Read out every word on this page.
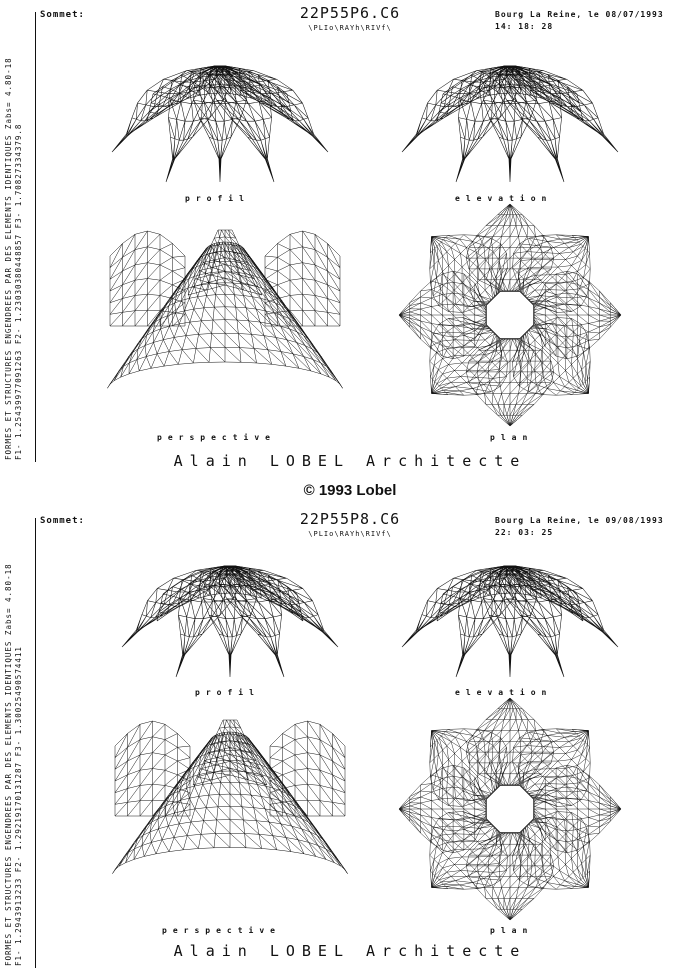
FORMES ET STRUCTURES ENGENDREES PAR DES ELEMENTS IDENTIQUES Zabs= 4.80-18 F1- 1.25439977091263 F2- 1.23030380448857 F3- 1.70827334379.8
Sommet:	22P55P6.C6
\PLIo\RAYh\RIVf\
Bourg La Reine, le 08/07/1993
14: 18: 28
profil	elevation
perspective	plan
Alain LOBEL Architecte
© 1993 Lobel
FORMES ET STRUCTURES ENGENDREES PAR DES ELEMENTS IDENTIQUES Zabs= 4.80-18 F1- 1.2943913233 F2- 1.29219170131287 F3- 1.30025490574411
Sommet:	22P55P8.C6
\PLIo\RAYh\RIVf\
Bourg La Reine, le 09/08/1993
22: 03: 25
profil	elevation
perspective	plan
Alain LOBEL Architecte
